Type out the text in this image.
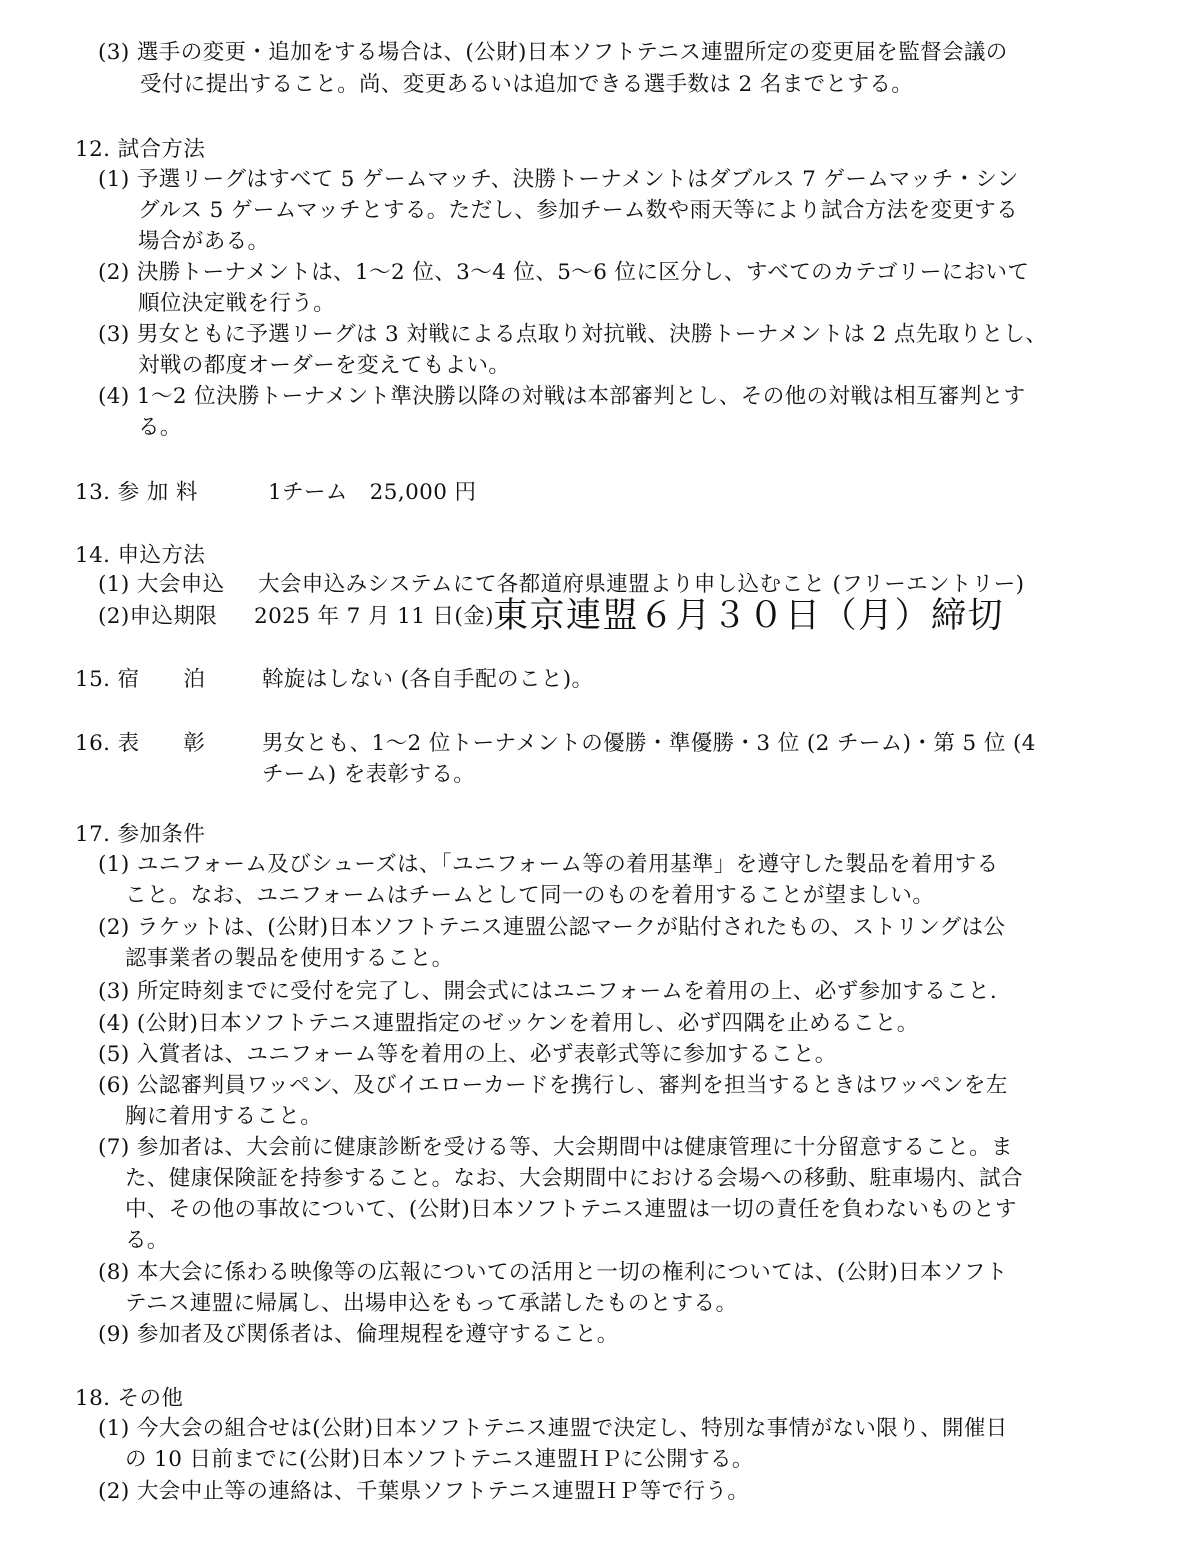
(3) 選手の変更・追加をする場合は、(公財)日本ソフトテニス連盟所定の変更届を監督会議の
受付に提出すること。尚、変更あるいは追加できる選手数は 2 名までとする。
12. 試合方法
(1) 予選リーグはすべて 5 ゲームマッチ、決勝トーナメントはダブルス 7 ゲームマッチ・シン
グルス 5 ゲームマッチとする。ただし、参加チーム数や雨天等により試合方法を変更する
場合がある。
(2) 決勝トーナメントは、1～2 位、3～4 位、5～6 位に区分し、すべてのカテゴリーにおいて
順位決定戦を行う。
(3) 男女ともに予選リーグは 3 対戦による点取り対抗戦、決勝トーナメントは 2 点先取りとし、
対戦の都度オーダーを変えてもよい。
(4) 1～2 位決勝トーナメント準決勝以降の対戦は本部審判とし、その他の対戦は相互審判とす
る。
13. 参 加 料	1チーム　25,000 円
14. 申込方法
(1) 大会申込 大会申込みシステムにて各都道府県連盟より申し込むこと (フリーエントリー)
(2)申込期限 2025 年 7 月 11 日(金) 東京連盟６月３０日（月）締切
15. 宿　　泊	斡旋はしない (各自手配のこと)。
16. 表　　彰	男女とも、1～2 位トーナメントの優勝・準優勝・3 位 (2 チーム)・第 5 位 (4
チーム) を表彰する。
17. 参加条件
(1) ユニフォーム及びシューズは、「ユニフォーム等の着用基準」を遵守した製品を着用する
こと。なお、ユニフォームはチームとして同一のものを着用することが望ましい。
(2) ラケットは、(公財)日本ソフトテニス連盟公認マークが貼付されたもの、ストリングは公
認事業者の製品を使用すること。
(3) 所定時刻までに受付を完了し、開会式にはユニフォームを着用の上、必ず参加すること.
(4) (公財)日本ソフトテニス連盟指定のゼッケンを着用し、必ず四隅を止めること。
(5) 入賞者は、ユニフォーム等を着用の上、必ず表彰式等に参加すること。
(6) 公認審判員ワッペン、及びイエローカードを携行し、審判を担当するときはワッペンを左
胸に着用すること。
(7) 参加者は、大会前に健康診断を受ける等、大会期間中は健康管理に十分留意すること。ま
た、健康保険証を持参すること。なお、大会期間中における会場への移動、駐車場内、試合
中、その他の事故について、(公財)日本ソフトテニス連盟は一切の責任を負わないものとす
る。
(8) 本大会に係わる映像等の広報についての活用と一切の権利については、(公財)日本ソフト
テニス連盟に帰属し、出場申込をもって承諾したものとする。
(9) 参加者及び関係者は、倫理規程を遵守すること。
18. その他
(1) 今大会の組合せは(公財)日本ソフトテニス連盟で決定し、特別な事情がない限り、開催日
の 10 日前までに(公財)日本ソフトテニス連盟ＨＰに公開する。
(2) 大会中止等の連絡は、千葉県ソフトテニス連盟ＨＰ等で行う。
